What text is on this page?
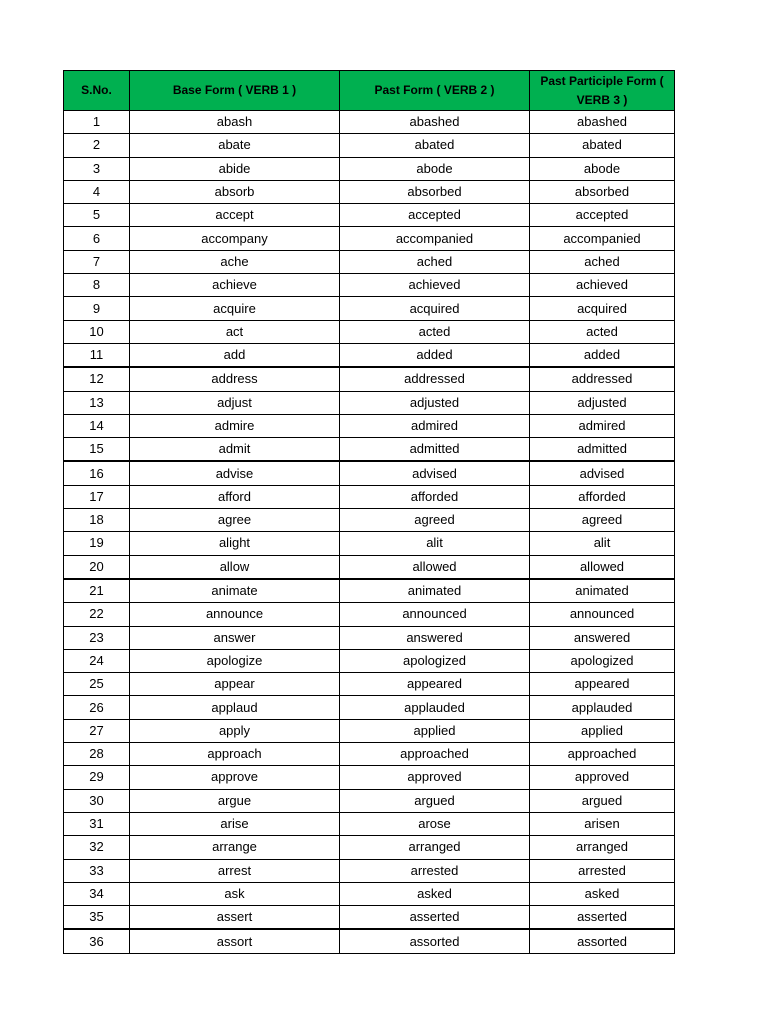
S.No.	Base Form ( VERB 1 )	Past Form ( VERB 2 )	Past Participle Form ( VERB 3 )
1	abash	abashed	abashed
2	abate	abated	abated
3	abide	abode	abode
4	absorb	absorbed	absorbed
5	accept	accepted	accepted
6	accompany	accompanied	accompanied
7	ache	ached	ached
8	achieve	achieved	achieved
9	acquire	acquired	acquired
10	act	acted	acted
11	add	added	added
12	address	addressed	addressed
13	adjust	adjusted	adjusted
14	admire	admired	admired
15	admit	admitted	admitted
16	advise	advised	advised
17	afford	afforded	afforded
18	agree	agreed	agreed
19	alight	alit	alit
20	allow	allowed	allowed
21	animate	animated	animated
22	announce	announced	announced
23	answer	answered	answered
24	apologize	apologized	apologized
25	appear	appeared	appeared
26	applaud	applauded	applauded
27	apply	applied	applied
28	approach	approached	approached
29	approve	approved	approved
30	argue	argued	argued
31	arise	arose	arisen
32	arrange	arranged	arranged
33	arrest	arrested	arrested
34	ask	asked	asked
35	assert	asserted	asserted
36	assort	assorted	assorted
